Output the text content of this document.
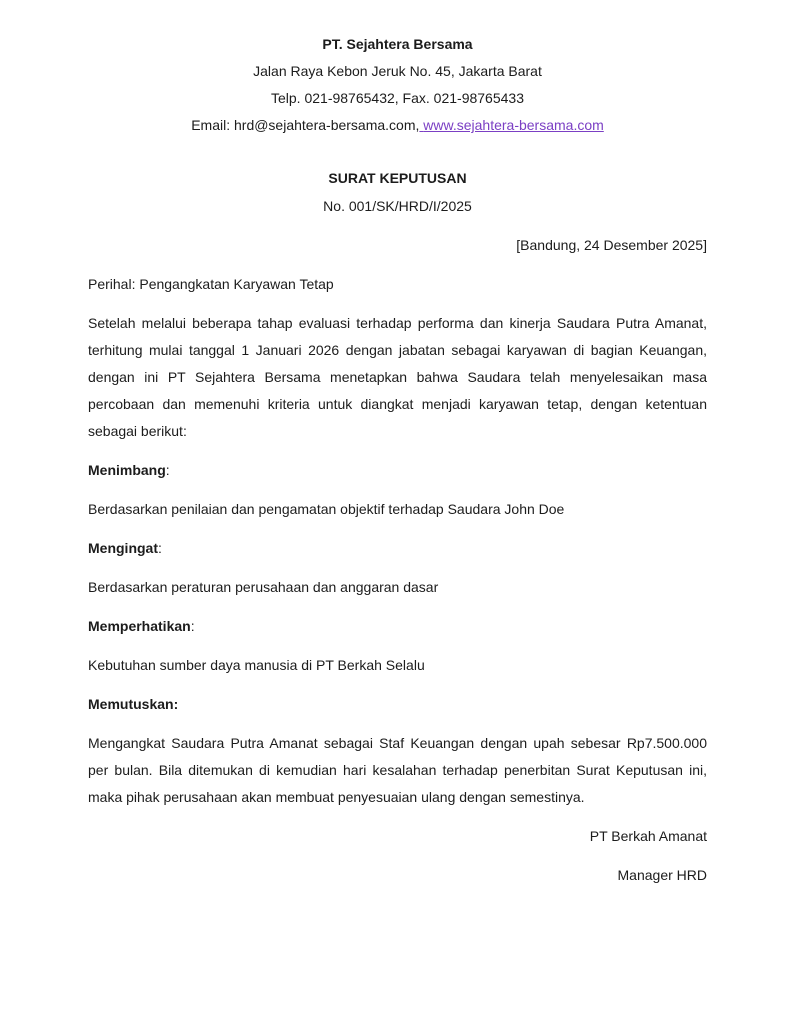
PT. Sejahtera Bersama

Jalan Raya Kebon Jeruk No. 45, Jakarta Barat

Telp. 021-98765432, Fax. 021-98765433

Email: hrd@sejahtera-bersama.com, www.sejahtera-bersama.com

SURAT KEPUTUSAN

No. 001/SK/HRD/I/2025

[Bandung, 24 Desember 2025]

Perihal: Pengangkatan Karyawan Tetap

Setelah melalui beberapa tahap evaluasi terhadap performa dan kinerja Saudara Putra Amanat, terhitung mulai tanggal 1 Januari 2026 dengan jabatan sebagai karyawan di bagian Keuangan, dengan ini PT Sejahtera Bersama menetapkan bahwa Saudara telah menyelesaikan masa percobaan dan memenuhi kriteria untuk diangkat menjadi karyawan tetap, dengan ketentuan sebagai berikut:

Menimbang:

Berdasarkan penilaian dan pengamatan objektif terhadap Saudara John Doe

Mengingat:

Berdasarkan peraturan perusahaan dan anggaran dasar

Memperhatikan:

Kebutuhan sumber daya manusia di PT Berkah Selalu

Memutuskan:

Mengangkat Saudara Putra Amanat sebagai Staf Keuangan dengan upah sebesar Rp7.500.000 per bulan. Bila ditemukan di kemudian hari kesalahan terhadap penerbitan Surat Keputusan ini, maka pihak perusahaan akan membuat penyesuaian ulang dengan semestinya.

PT Berkah Amanat

Manager HRD
